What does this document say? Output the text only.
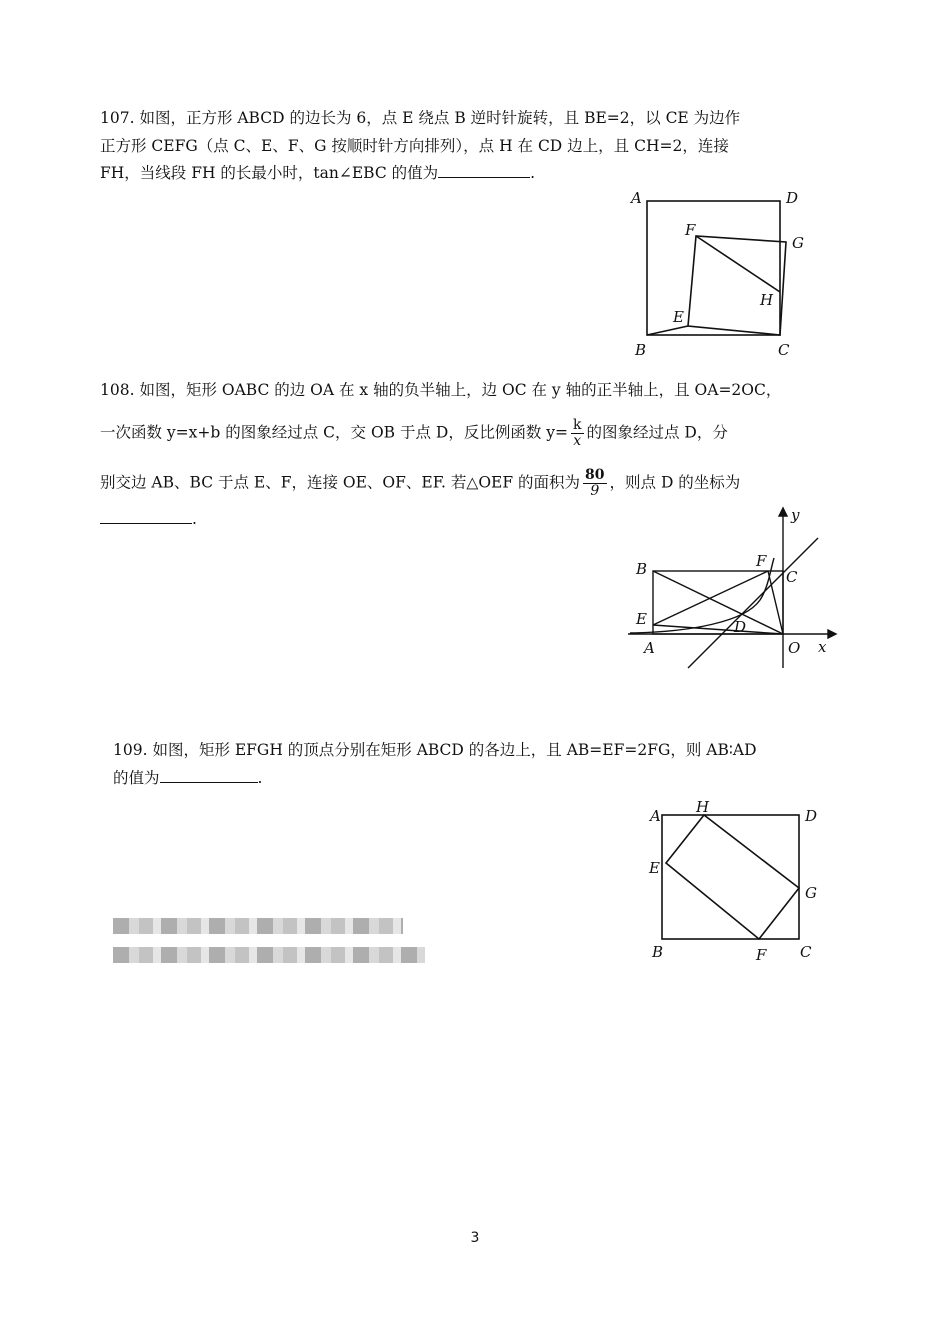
107. 如图，正方形 ABCD 的边长为 6，点 E 绕点 B 逆时针旋转，且 BE=2，以 CE 为边作
正方形 CEFG（点 C、E、F、G 按顺时针方向排列），点 H 在 CD 边上，且 CH=2，连接
FH，当线段 FH 的长最小时，tan∠EBC 的值为	.
A	D
F
G
H
E
B	C
108. 如图，矩形 OABC 的边 OA 在 x 轴的负半轴上，边 OC 在 y 轴的正半轴上，且 OA=2OC，
一次函数 y=x+b 的图象经过点 C，交 OB 于点 D，反比例函数 $y= \frac{k}{x}$ 的图象经过点 D，分
别交边 AB、BC 于点 E、F，连接 OE、OF、EF. 若△OEF 的面积为 $\frac{80}{9}$ ，则点 D 的坐标为
.	y
x
B	F
C
E	D
A	O
109. 如图，矩形 EFGH 的顶点分别在矩形 ABCD 的各边上，且 AB=EF=2FG，则 AB∶AD
的值为	.
A H	D
E
G
B	F C
3
